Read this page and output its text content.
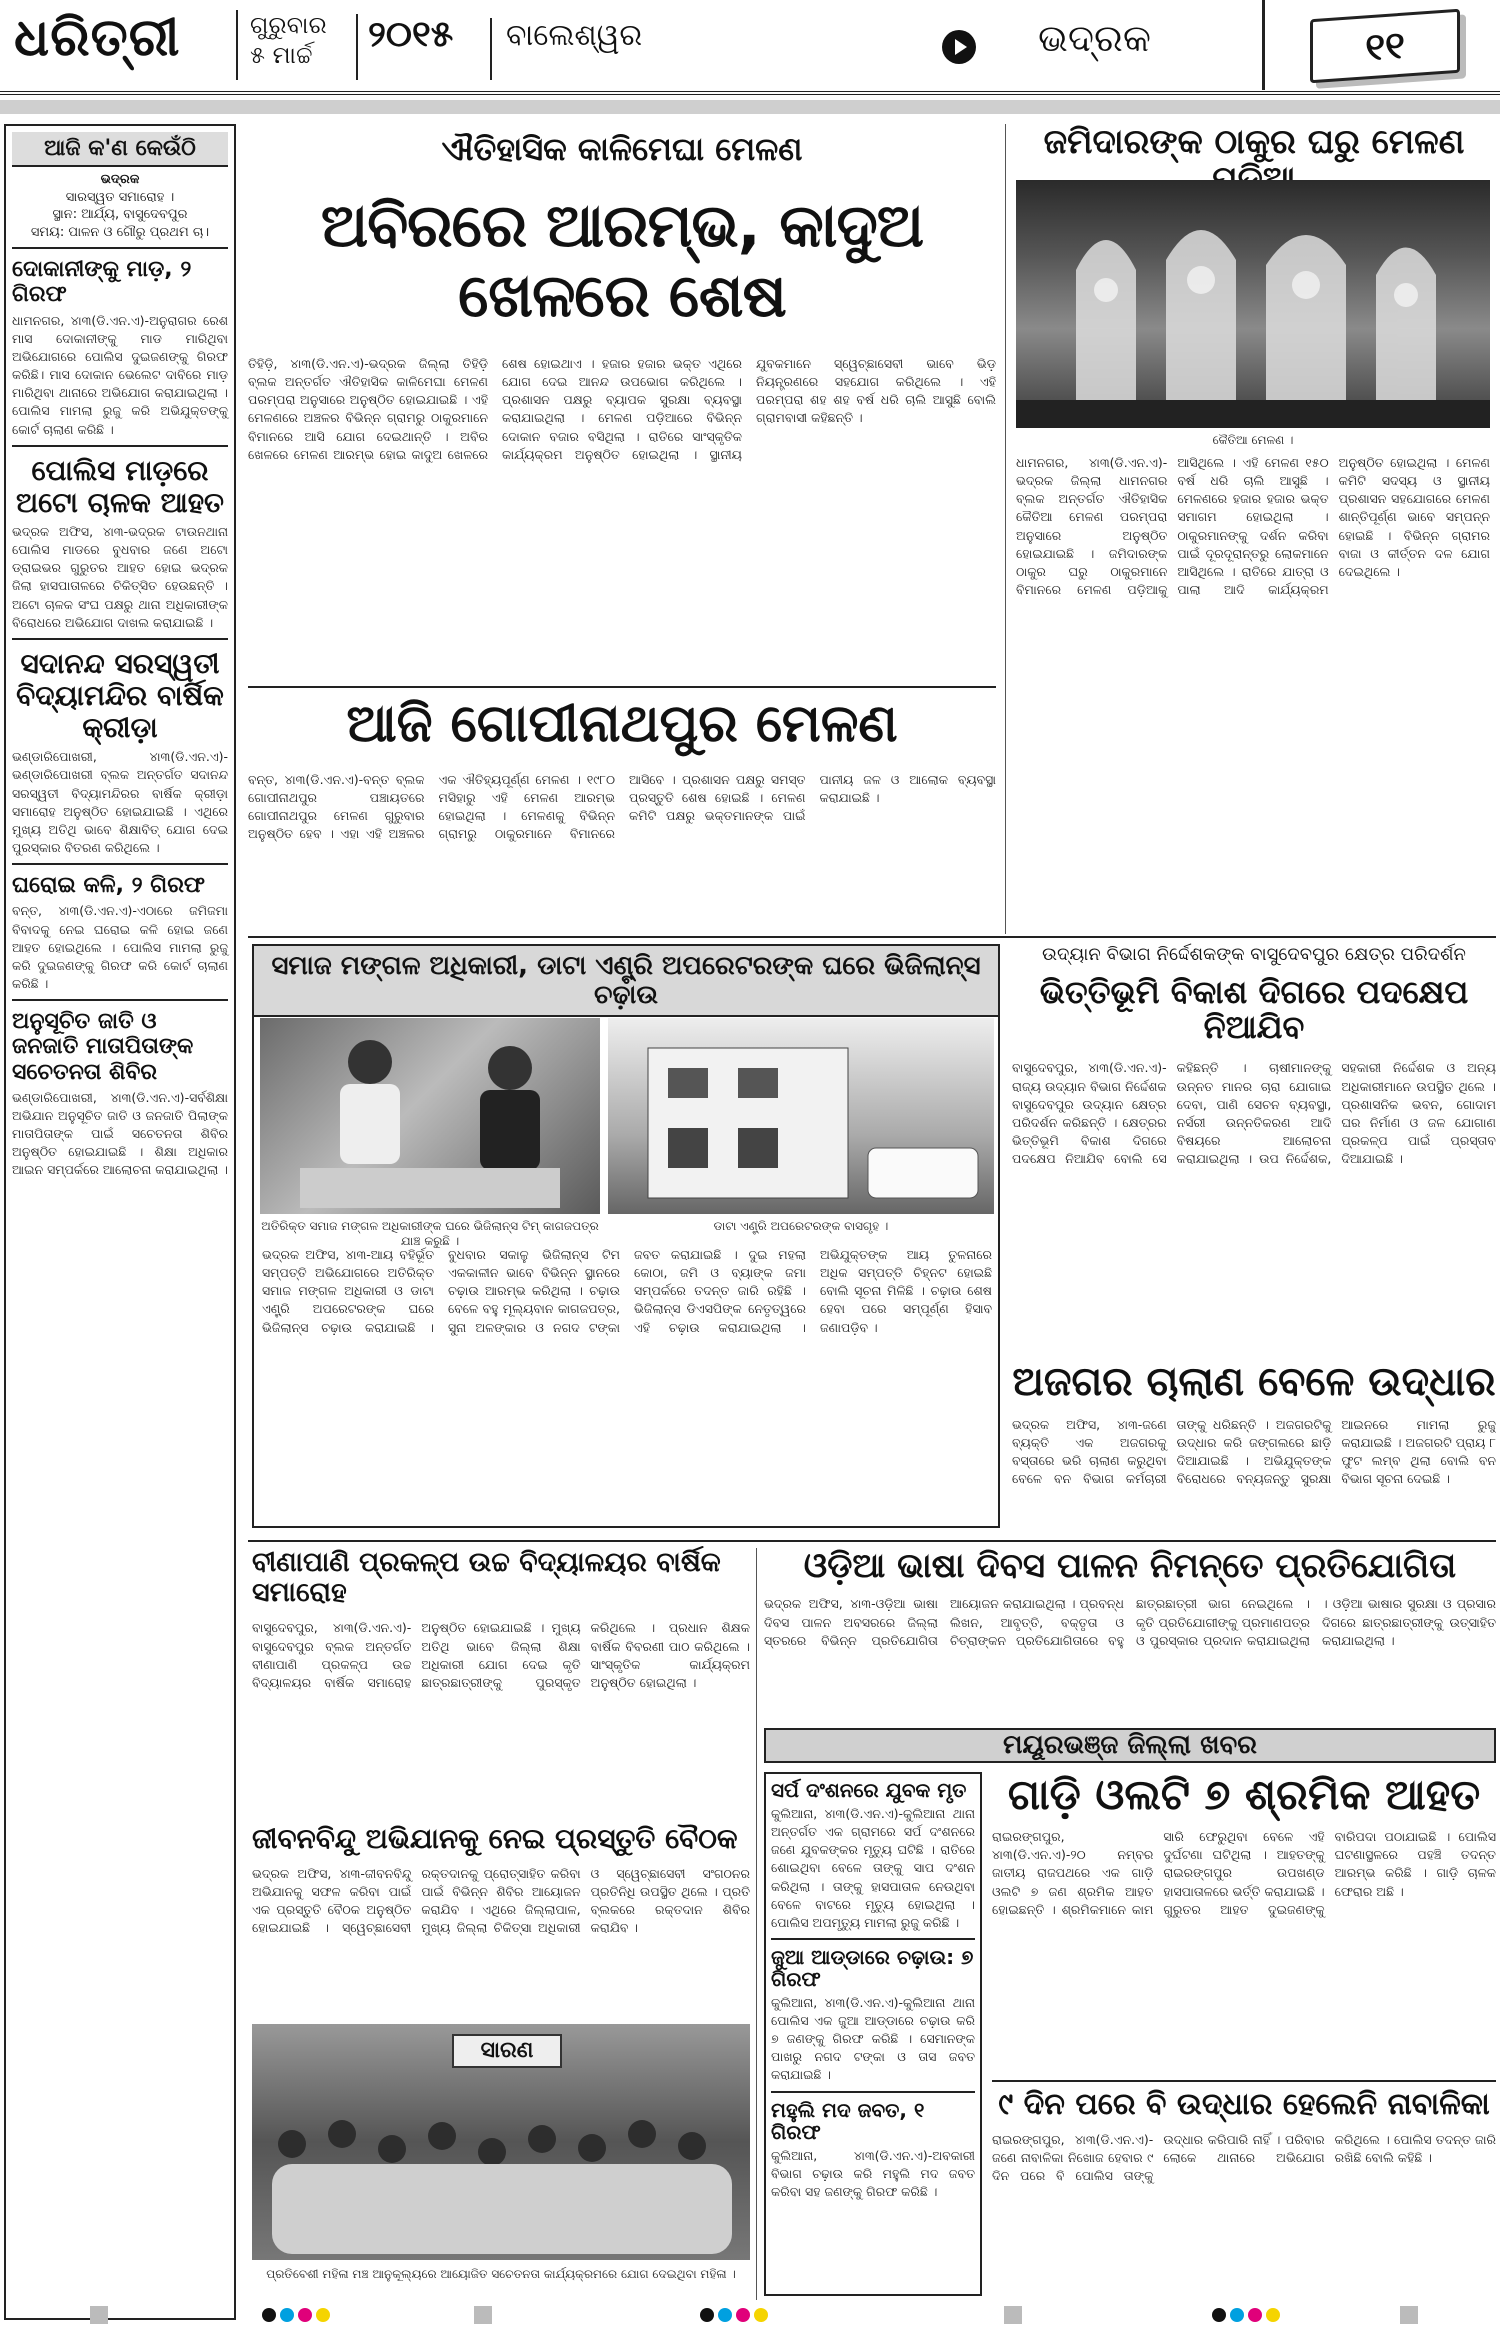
ଧରିତ୍ରୀ	ଗୁରୁବାର
୫ ମାର୍ଚ୍ଚ	୨୦୧୫	ବାଲେଶ୍ୱର	ଭଦ୍ରକ	୧୧
ଆଜି କ'ଣ କେଉଁଠି
ଭଦ୍ରକ
ସାରସ୍ୱତ ସମାରୋହ ।
ସ୍ଥାନ: ଆର୍ଯ୍ୟ, ବାସୁଦେବପୁର
ସମୟ: ପାଳନ ଓ ଗୌରୁ ପ୍ରଥମ ଚା।
ଦୋକାନୀଙ୍କୁ ମାଡ଼, ୨ ଗିରଫ
ଧାମନଗର, ୪ା୩(ଡି.ଏନ.ଏ)-ଅନୁରାଗର ରେଶ ମାସ ଦୋକାନୀଙ୍କୁ ମାଡ ମାରିଥିବା ଅଭିଯୋଗରେ ପୋଲିସ ଦୁଇଜଣଙ୍କୁ ଗିରଫ କରିଛି। ମାସ ଦୋକାନ ଭେଲେଟ ଦାବିରେ ମାଡ଼ ମାରିଥିବା ଥାନାରେ ଅଭିଯୋଗ କରାଯାଇଥିଲା । ପୋଲିସ ମାମଲା ରୁଜୁ କରି ଅଭିଯୁକ୍ତଙ୍କୁ କୋର୍ଟ ଚାଲାଣ କରିଛି ।
ପୋଲିସ ମାଡ଼ରେ ଅଟୋ ଚାଳକ ଆହତ
ଭଦ୍ରକ ଅଫିସ, ୪ା୩-ଭଦ୍ରକ ଟାଉନଥାନା ପୋଲିସ ମାଡରେ ବୁଧବାର ଜଣେ ଅଟୋ ଡ୍ରାଇଭର ଗୁରୁତର ଆହତ ହୋଇ ଭଦ୍ରକ ଜିଲା ହାସପାତାଳରେ ଚିକିତ୍ସିତ ହେଉଛନ୍ତି । ଅଟୋ ଚାଳକ ସଂଘ ପକ୍ଷରୁ ଥାନା ଅଧିକାରୀଙ୍କ ବିରୋଧରେ ଅଭିଯୋଗ ଦାଖଲ କରାଯାଇଛି ।
ସଦାନନ୍ଦ ସରସ୍ୱତୀ ବିଦ୍ୟାମନ୍ଦିର ବାର୍ଷିକ କ୍ରୀଡ଼ା
ଭଣ୍ଡାରିପୋଖରୀ, ୪ା୩(ଡି.ଏନ.ଏ)-ଭଣ୍ଡାରିପୋଖରୀ ବ୍ଲକ ଅନ୍ତର୍ଗତ ସଦାନନ୍ଦ ସରସ୍ୱତୀ ବିଦ୍ୟାମନ୍ଦିରର ବାର୍ଷିକ କ୍ରୀଡ଼ା ସମାରୋହ ଅନୁଷ୍ଠିତ ହୋଇଯାଇଛି । ଏଥିରେ ମୁଖ୍ୟ ଅତିଥି ଭାବେ ଶିକ୍ଷାବିତ୍ ଯୋଗ ଦେଇ ପୁରସ୍କାର ବିତରଣ କରିଥିଲେ ।
ଘରୋଇ କଳି, ୨ ଗିରଫ
ବନ୍ତ, ୪ା୩(ଡି.ଏନ.ଏ)-ଏଠାରେ ଜମିଜମା ବିବାଦକୁ ନେଇ ଘରୋଇ କଳି ହୋଇ ଜଣେ ଆହତ ହୋଇଥିଲେ । ପୋଲିସ ମାମଲା ରୁଜୁ କରି ଦୁଇଜଣଙ୍କୁ ଗିରଫ କରି କୋର୍ଟ ଚାଲାଣ କରିଛି ।
ଅନୁସୂଚିତ ଜାତି ଓ ଜନଜାତି ମାତାପିତାଙ୍କ ସଚେତନତା ଶିବିର
ଭଣ୍ଡାରିପୋଖରୀ, ୪ା୩(ଡି.ଏନ.ଏ)-ସର୍ବଶିକ୍ଷା ଅଭିଯାନ ଅନୁସୂଚିତ ଜାତି ଓ ଜନଜାତି ପିଲାଙ୍କ ମାତାପିତାଙ୍କ ପାଇଁ ସଚେତନତା ଶିବିର ଅନୁଷ୍ଠିତ ହୋଇଯାଇଛି । ଶିକ୍ଷା ଅଧିକାର ଆଇନ ସମ୍ପର୍କରେ ଆଲୋଚନା କରାଯାଇଥିଲା ।
ଐତିହାସିକ କାଳିମେଘା ମେଳଣ
ଅବିରରେ ଆରମ୍ଭ, କାଦୁଅ ଖେଳରେ ଶେଷ
ତିହିଡ଼ି, ୪ା୩(ଡି.ଏନ.ଏ)-ଭଦ୍ରକ ଜିଲ୍ଲା ତିହିଡ଼ି ବ୍ଲକ ଅନ୍ତର୍ଗତ ଐତିହାସିକ କାଳିମେଘା ମେଳଣ ପରମ୍ପରା ଅନୁସାରେ ଅନୁଷ୍ଠିତ ହୋଇଯାଇଛି । ଏହି ମେଳଣରେ ଅଞ୍ଚଳର ବିଭିନ୍ନ ଗ୍ରାମରୁ ଠାକୁରମାନେ ବିମାନରେ ଆସି ଯୋଗ ଦେଇଥାନ୍ତି । ଅବିର ଖେଳରେ ମେଳଣ ଆରମ୍ଭ ହୋଇ କାଦୁଅ ଖେଳରେ ଶେଷ ହୋଇଥାଏ । ହଜାର ହଜାର ଭକ୍ତ ଏଥିରେ ଯୋଗ ଦେଇ ଆନନ୍ଦ ଉପଭୋଗ କରିଥିଲେ । ପ୍ରଶାସନ ପକ୍ଷରୁ ବ୍ୟାପକ ସୁରକ୍ଷା ବ୍ୟବସ୍ଥା କରାଯାଇଥିଲା । ମେଳଣ ପଡ଼ିଆରେ ବିଭିନ୍ନ ଦୋକାନ ବଜାର ବସିଥିଲା । ରାତିରେ ସାଂସ୍କୃତିକ କାର୍ଯ୍ୟକ୍ରମ ଅନୁଷ୍ଠିତ ହୋଇଥିଲା । ସ୍ଥାନୀୟ ଯୁବକମାନେ ସ୍ୱେଚ୍ଛାସେବୀ ଭାବେ ଭିଡ଼ ନିୟନ୍ତ୍ରଣରେ ସହଯୋଗ କରିଥିଲେ । ଏହି ପରମ୍ପରା ଶହ ଶହ ବର୍ଷ ଧରି ଚାଲି ଆସୁଛି ବୋଲି ଗ୍ରାମବାସୀ କହିଛନ୍ତି ।
ଆଜି ଗୋପୀନାଥପୁର ମେଳଣ
ବନ୍ତ, ୪ା୩(ଡି.ଏନ.ଏ)-ବନ୍ତ ବ୍ଲକ ଗୋପୀନାଥପୁର ପଞ୍ଚାୟତରେ ଗୋପୀନାଥପୁର ମେଳଣ ଗୁରୁବାର ଅନୁଷ୍ଠିତ ହେବ । ଏହା ଏହି ଅଞ୍ଚଳର ଏକ ଐତିହ୍ୟପୂର୍ଣ୍ଣ ମେଳଣ । ୧୯୮୦ ମସିହାରୁ ଏହି ମେଳଣ ଆରମ୍ଭ ହୋଇଥିଲା । ମେଳଣକୁ ବିଭିନ୍ନ ଗ୍ରାମରୁ ଠାକୁରମାନେ ବିମାନରେ ଆସିବେ । ପ୍ରଶାସନ ପକ୍ଷରୁ ସମସ୍ତ ପ୍ରସ୍ତୁତି ଶେଷ ହୋଇଛି । ମେଳଣ କମିଟି ପକ୍ଷରୁ ଭକ୍ତମାନଙ୍କ ପାଇଁ ପାନୀୟ ଜଳ ଓ ଆଲୋକ ବ୍ୟବସ୍ଥା କରାଯାଇଛି ।
ଜମିଦାରଙ୍କ ଠାକୁର ଘରୁ ମେଳଣ
କୈତିଆ ମେଳଣ ।
ଧାମନଗର, ୪ା୩(ଡି.ଏନ.ଏ)-ଭଦ୍ରକ ଜିଲ୍ଲା ଧାମନଗର ବ୍ଲକ ଅନ୍ତର୍ଗତ ଐତିହାସିକ କୈତିଆ ମେଳଣ ପରମ୍ପରା ଅନୁସାରେ ଅନୁଷ୍ଠିତ ହୋଇଯାଇଛି । ଜମିଦାରଙ୍କ ଠାକୁର ଘରୁ ଠାକୁରମାନେ ବିମାନରେ ମେଳଣ ପଡ଼ିଆକୁ ଆସିଥିଲେ । ଏହି ମେଳଣ ୧୫୦ ବର୍ଷ ଧରି ଚାଲି ଆସୁଛି । ମେଳଣରେ ହଜାର ହଜାର ଭକ୍ତ ସମାଗମ ହୋଇଥିଲା । ଠାକୁରମାନଙ୍କୁ ଦର୍ଶନ କରିବା ପାଇଁ ଦୂରଦୂରାନ୍ତରୁ ଲୋକମାନେ ଆସିଥିଲେ । ରାତିରେ ଯାତ୍ରା ଓ ପାଲା ଆଦି କାର୍ଯ୍ୟକ୍ରମ ଅନୁଷ୍ଠିତ ହୋଇଥିଲା । ମେଳଣ କମିଟି ସଦସ୍ୟ ଓ ସ୍ଥାନୀୟ ପ୍ରଶାସନ ସହଯୋଗରେ ମେଳଣ ଶାନ୍ତିପୂର୍ଣ୍ଣ ଭାବେ ସମ୍ପନ୍ନ ହୋଇଛି । ବିଭିନ୍ନ ଗ୍ରାମର ବାଜା ଓ କୀର୍ତ୍ତନ ଦଳ ଯୋଗ ଦେଇଥିଲେ ।
ସମାଜ ମଙ୍ଗଳ ଅଧିକାରୀ, ଡାଟା ଏଣ୍ଟ୍ରି ଅପରେଟରଙ୍କ ଘରେ ଭିଜିଲାନ୍ସ ଚଢ଼ାଉ
ଅତିରିକ୍ତ ସମାଜ ମଙ୍ଗଳ ଅଧିକାରୀଙ୍କ ଘରେ ଭିଜିଲାନ୍ସ ଟିମ୍ କାଗଜପତ୍ର ଯାଞ୍ଚ କରୁଛି ।
ଡାଟା ଏଣ୍ଟ୍ରି ଅପରେଟରଙ୍କ ବାସଗୃହ ।
ଭଦ୍ରକ ଅଫିସ, ୪ା୩-ଆୟ ବହିର୍ଭୂତ ସମ୍ପତ୍ତି ଅଭିଯୋଗରେ ଅତିରିକ୍ତ ସମାଜ ମଙ୍ଗଳ ଅଧିକାରୀ ଓ ଡାଟା ଏଣ୍ଟ୍ରି ଅପରେଟରଙ୍କ ଘରେ ଭିଜିଲାନ୍ସ ଚଢ଼ାଉ କରାଯାଇଛି । ବୁଧବାର ସକାଳୁ ଭିଜିଲାନ୍ସ ଟିମ ଏକକାଳୀନ ଭାବେ ବିଭିନ୍ନ ସ୍ଥାନରେ ଚଢ଼ାଉ ଆରମ୍ଭ କରିଥିଲା । ଚଢ଼ାଉ ବେଳେ ବହୁ ମୂଲ୍ୟବାନ କାଗଜପତ୍ର, ସୁନା ଅଳଙ୍କାର ଓ ନଗଦ ଟଙ୍କା ଜବତ କରାଯାଇଛି । ଦୁଇ ମହଲା କୋଠା, ଜମି ଓ ବ୍ୟାଙ୍କ ଜମା ସମ୍ପର୍କରେ ତଦନ୍ତ ଜାରି ରହିଛି । ଭିଜିଲାନ୍ସ ଡିଏସପିଙ୍କ ନେତୃତ୍ୱରେ ଏହି ଚଢ଼ାଉ କରାଯାଇଥିଲା । ଅଭିଯୁକ୍ତଙ୍କ ଆୟ ତୁଳନାରେ ଅଧିକ ସମ୍ପତ୍ତି ଚିହ୍ନଟ ହୋଇଛି ବୋଲି ସୂଚନା ମିଳିଛି । ଚଢ଼ାଉ ଶେଷ ହେବା ପରେ ସମ୍ପୂର୍ଣ୍ଣ ହିସାବ ଜଣାପଡ଼ିବ ।
ଉଦ୍ୟାନ ବିଭାଗ ନିର୍ଦ୍ଦେଶକଙ୍କ ବାସୁଦେବପୁର କ୍ଷେତ୍ର ପରିଦର୍ଶନ
ଭିତ୍ତିଭୂମି ବିକାଶ ଦିଗରେ ପଦକ୍ଷେପ ନିଆଯିବ
ବାସୁଦେବପୁର, ୪ା୩(ଡି.ଏନ.ଏ)-ରାଜ୍ୟ ଉଦ୍ୟାନ ବିଭାଗ ନିର୍ଦ୍ଦେଶକ ବାସୁଦେବପୁର ଉଦ୍ୟାନ କ୍ଷେତ୍ର ପରିଦର୍ଶନ କରିଛନ୍ତି । କ୍ଷେତ୍ରର ଭିତ୍ତିଭୂମି ବିକାଶ ଦିଗରେ ପଦକ୍ଷେପ ନିଆଯିବ ବୋଲି ସେ କହିଛନ୍ତି । ଚାଷୀମାନଙ୍କୁ ଉନ୍ନତ ମାନର ଚାରା ଯୋଗାଇ ଦେବା, ପାଣି ସେଚନ ବ୍ୟବସ୍ଥା, ନର୍ସରୀ ଉନ୍ନତିକରଣ ଆଦି ବିଷୟରେ ଆଲୋଚନା କରାଯାଇଥିଲା । ଉପ ନିର୍ଦ୍ଦେଶକ, ସହକାରୀ ନିର୍ଦ୍ଦେଶକ ଓ ଅନ୍ୟ ଅଧିକାରୀମାନେ ଉପସ୍ଥିତ ଥିଲେ । ପ୍ରଶାସନିକ ଭବନ, ଗୋଦାମ ଘର ନିର୍ମାଣ ଓ ଜଳ ଯୋଗାଣ ପ୍ରକଳ୍ପ ପାଇଁ ପ୍ରସ୍ତାବ ଦିଆଯାଇଛି ।
ଅଜଗର ଚାଲାଣ ବେଳେ ଉଦ୍ଧାର
ଭଦ୍ରକ ଅଫିସ, ୪ା୩-ଜଣେ ବ୍ୟକ୍ତି ଏକ ଅଜଗରକୁ ବସ୍ତାରେ ଭରି ଚାଲାଣ କରୁଥିବା ବେଳେ ବନ ବିଭାଗ କର୍ମଚାରୀ ତାଙ୍କୁ ଧରିଛନ୍ତି । ଅଜଗରଟିକୁ ଉଦ୍ଧାର କରି ଜଙ୍ଗଲରେ ଛାଡ଼ି ଦିଆଯାଇଛି । ଅଭିଯୁକ୍ତଙ୍କ ବିରୋଧରେ ବନ୍ୟଜନ୍ତୁ ସୁରକ୍ଷା ଆଇନରେ ମାମଲା ରୁଜୁ କରାଯାଇଛି । ଅଜଗରଟି ପ୍ରାୟ ୮ ଫୁଟ ଲମ୍ବ ଥିଲା ବୋଲି ବନ ବିଭାଗ ସୂଚନା ଦେଇଛି ।
ବୀଣାପାଣି ପ୍ରକଳ୍ପ ଉଚ୍ଚ ବିଦ୍ୟାଳୟର ବାର୍ଷିକ ସମାରୋହ
ବାସୁଦେବପୁର, ୪ା୩(ଡି.ଏନ.ଏ)-ବାସୁଦେବପୁର ବ୍ଲକ ଅନ୍ତର୍ଗତ ବୀଣାପାଣି ପ୍ରକଳ୍ପ ଉଚ୍ଚ ବିଦ୍ୟାଳୟର ବାର୍ଷିକ ସମାରୋହ ଅନୁଷ୍ଠିତ ହୋଇଯାଇଛି । ମୁଖ୍ୟ ଅତିଥି ଭାବେ ଜିଲ୍ଲା ଶିକ୍ଷା ଅଧିକାରୀ ଯୋଗ ଦେଇ କୃତି ଛାତ୍ରଛାତ୍ରୀଙ୍କୁ ପୁରସ୍କୃତ କରିଥିଲେ । ପ୍ରଧାନ ଶିକ୍ଷକ ବାର୍ଷିକ ବିବରଣୀ ପାଠ କରିଥିଲେ । ସାଂସ୍କୃତିକ କାର୍ଯ୍ୟକ୍ରମ ଅନୁଷ୍ଠିତ ହୋଇଥିଲା ।
ଜୀବନବିନ୍ଦୁ ଅଭିଯାନକୁ ନେଇ ପ୍ରସ୍ତୁତି ବୈଠକ
ଭଦ୍ରକ ଅଫିସ, ୪ା୩-ଜୀବନବିନ୍ଦୁ ଅଭିଯାନକୁ ସଫଳ କରିବା ପାଇଁ ଏକ ପ୍ରସ୍ତୁତି ବୈଠକ ଅନୁଷ୍ଠିତ ହୋଇଯାଇଛି । ସ୍ୱେଚ୍ଛାସେବୀ ରକ୍ତଦାନକୁ ପ୍ରୋତ୍ସାହିତ କରିବା ପାଇଁ ବିଭିନ୍ନ ଶିବିର ଆୟୋଜନ କରାଯିବ । ଏଥିରେ ଜିଲ୍ଲାପାଳ, ମୁଖ୍ୟ ଜିଲ୍ଲା ଚିକିତ୍ସା ଅଧିକାରୀ ଓ ସ୍ୱେଚ୍ଛାସେବୀ ସଂଗଠନର ପ୍ରତିନିଧି ଉପସ୍ଥିତ ଥିଲେ । ପ୍ରତି ବ୍ଲକରେ ରକ୍ତଦାନ ଶିବିର କରାଯିବ ।
ସାରଣ
ପ୍ରତିବେଶୀ ମହିଳା ମଞ୍ଚ ଆନୁକୂଲ୍ୟରେ ଆୟୋଜିତ ସଚେତନତା କାର୍ଯ୍ୟକ୍ରମରେ ଯୋଗ ଦେଇଥିବା ମହିଳା ।
ଓଡ଼ିଆ ଭାଷା ଦିବସ ପାଳନ ନିମନ୍ତେ ପ୍ରତିଯୋଗିତା
ଭଦ୍ରକ ଅଫିସ, ୪ା୩-ଓଡ଼ିଆ ଭାଷା ଦିବସ ପାଳନ ଅବସରରେ ଜିଲ୍ଲା ସ୍ତରରେ ବିଭିନ୍ନ ପ୍ରତିଯୋଗିତା ଆୟୋଜନ କରାଯାଇଥିଲା । ପ୍ରବନ୍ଧ ଲିଖନ, ଆବୃତ୍ତି, ବକ୍ତୃତା ଓ ଚିତ୍ରାଙ୍କନ ପ୍ରତିଯୋଗିତାରେ ବହୁ ଛାତ୍ରଛାତ୍ରୀ ଭାଗ ନେଇଥିଲେ । କୃତି ପ୍ରତିଯୋଗୀଙ୍କୁ ପ୍ରମାଣପତ୍ର ଓ ପୁରସ୍କାର ପ୍ରଦାନ କରାଯାଇଥିଲା । ଓଡ଼ିଆ ଭାଷାର ସୁରକ୍ଷା ଓ ପ୍ରସାର ଦିଗରେ ଛାତ୍ରଛାତ୍ରୀଙ୍କୁ ଉତ୍ସାହିତ କରାଯାଇଥିଲା ।
ମୟୂରଭଞ୍ଜ ଜିଲ୍ଲା ଖବର
ସର୍ପ ଦଂଶନରେ ଯୁବକ ମୃତ
କୁଲିଆନା, ୪ା୩(ଡି.ଏନ.ଏ)-କୁଲିଆନା ଥାନା ଅନ୍ତର୍ଗତ ଏକ ଗ୍ରାମରେ ସର୍ପ ଦଂଶନରେ ଜଣେ ଯୁବକଙ୍କର ମୃତ୍ୟୁ ଘଟିଛି । ରାତିରେ ଶୋଇଥିବା ବେଳେ ତାଙ୍କୁ ସାପ ଦଂଶନ କରିଥିଲା । ତାଙ୍କୁ ହାସପାତାଳ ନେଉଥିବା ବେଳେ ବାଟରେ ମୃତ୍ୟୁ ହୋଇଥିଲା । ପୋଲିସ ଅପମୃତ୍ୟୁ ମାମଲା ରୁଜୁ କରିଛି ।
ଜୁଆ ଆଡ୍ଡାରେ ଚଢ଼ାଉ: ୭ ଗିରଫ
କୁଲିଆନା, ୪ା୩(ଡି.ଏନ.ଏ)-କୁଲିଆନା ଥାନା ପୋଲିସ ଏକ ଜୁଆ ଆଡ୍ଡାରେ ଚଢ଼ାଉ କରି ୭ ଜଣଙ୍କୁ ଗିରଫ କରିଛି । ସେମାନଙ୍କ ପାଖରୁ ନଗଦ ଟଙ୍କା ଓ ତାସ ଜବତ କରାଯାଇଛି ।
ମହୁଲି ମଦ ଜବତ, ୧ ଗିରଫ
କୁଲିଆନା, ୪ା୩(ଡି.ଏନ.ଏ)-ଅବକାରୀ ବିଭାଗ ଚଢ଼ାଉ କରି ମହୁଲି ମଦ ଜବତ କରିବା ସହ ଜଣଙ୍କୁ ଗିରଫ କରିଛି ।
ଗାଡ଼ି ଓଲଟି ୭ ଶ୍ରମିକ ଆହତ
ରାଇରଙ୍ଗପୁର, ୪ା୩(ଡି.ଏନ.ଏ)-୨୦ ନମ୍ବର ଜାତୀୟ ରାଜପଥରେ ଏକ ଗାଡ଼ି ଓଲଟି ୭ ଜଣ ଶ୍ରମିକ ଆହତ ହୋଇଛନ୍ତି । ଶ୍ରମିକମାନେ କାମ ସାରି ଫେରୁଥିବା ବେଳେ ଏହି ଦୁର୍ଘଟଣା ଘଟିଥିଲା । ଆହତଙ୍କୁ ରାଇରଙ୍ଗପୁର ଉପଖଣ୍ଡ ହାସପାତାଳରେ ଭର୍ତ୍ତି କରାଯାଇଛି । ଗୁରୁତର ଆହତ ଦୁଇଜଣଙ୍କୁ ବାରିପଦା ପଠାଯାଇଛି । ପୋଲିସ ଘଟଣାସ୍ଥଳରେ ପହଞ୍ଚି ତଦନ୍ତ ଆରମ୍ଭ କରିଛି । ଗାଡ଼ି ଚାଳକ ଫେରାର ଅଛି ।
୯ ଦିନ ପରେ ବି ଉଦ୍ଧାର ହେଲେନି ନାବାଳିକା
ରାଇରଙ୍ଗପୁର, ୪ା୩(ଡି.ଏନ.ଏ)-ଜଣେ ନାବାଳିକା ନିଖୋଜ ହେବାର ୯ ଦିନ ପରେ ବି ପୋଲିସ ତାଙ୍କୁ ଉଦ୍ଧାର କରିପାରି ନାହିଁ । ପରିବାର ଲୋକେ ଥାନାରେ ଅଭିଯୋଗ କରିଥିଲେ । ପୋଲିସ ତଦନ୍ତ ଜାରି ରଖିଛି ବୋଲି କହିଛି ।
